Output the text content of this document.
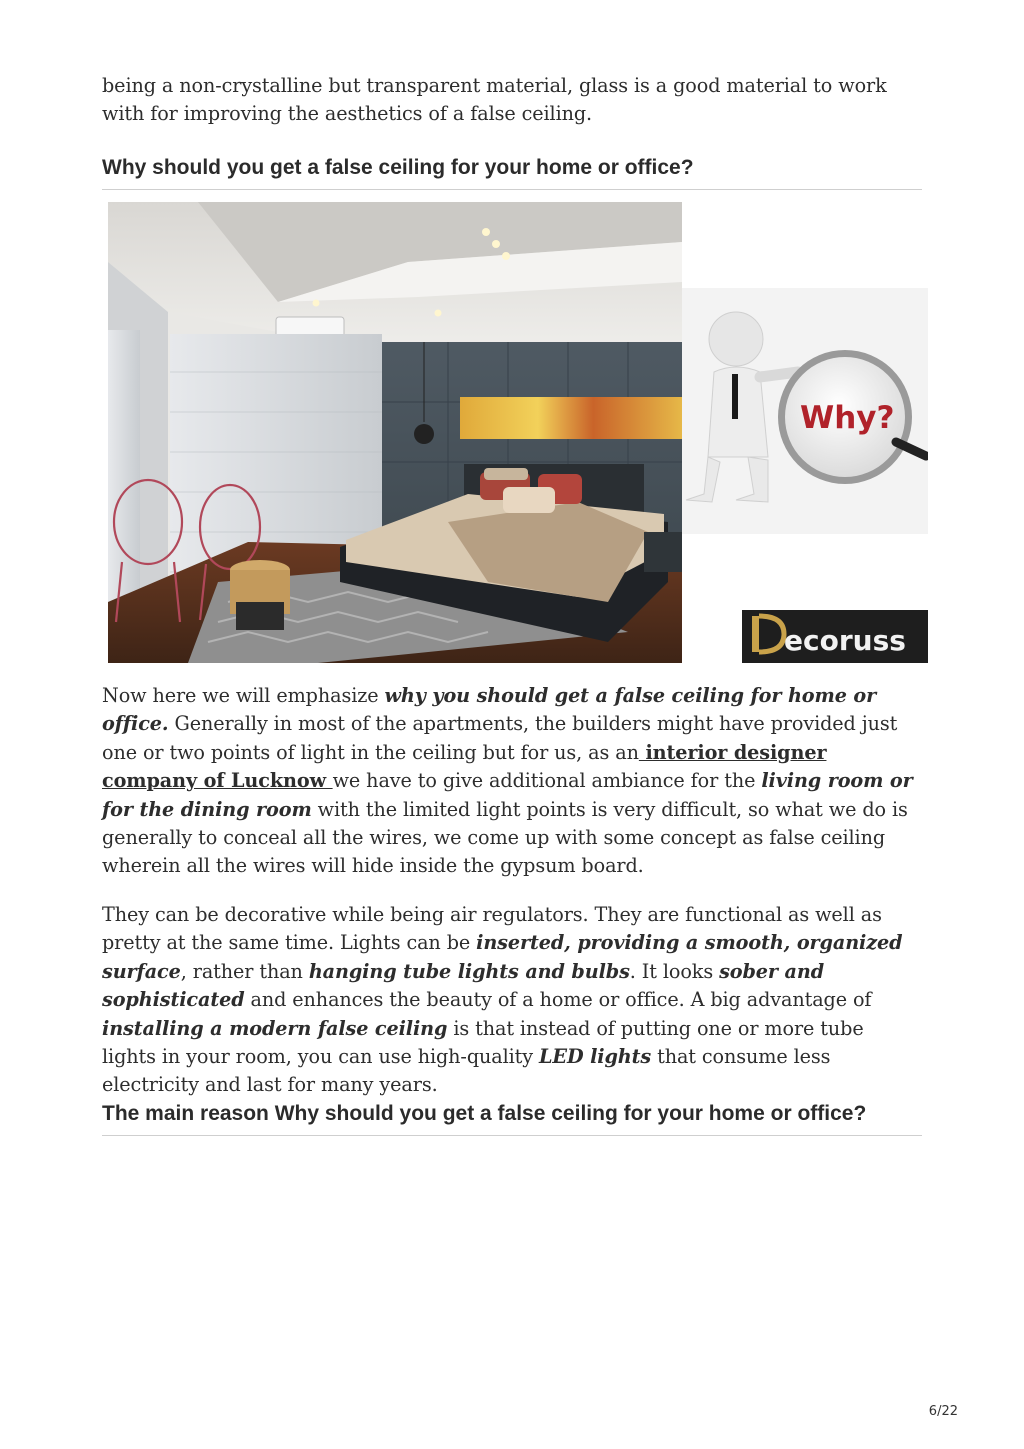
being a non-crystalline but transparent material, glass is a good material to work with for improving the aesthetics of a false ceiling.

Why should you get a false ceiling for your home or office?
Why?
ecoruss

Now here we will emphasize why you should get a false ceiling for home or office. Generally in most of the apartments, the builders might have provided just one or two points of light in the ceiling but for us, as an interior designer company of Lucknow we have to give additional ambiance for the living room or for the dining room with the limited light points is very difficult, so what we do is generally to conceal all the wires, we come up with some concept as false ceiling wherein all the wires will hide inside the gypsum board.

They can be decorative while being air regulators. They are functional as well as pretty at the same time. Lights can be inserted, providing a smooth, organized surface, rather than hanging tube lights and bulbs. It looks sober and sophisticated and enhances the beauty of a home or office. A big advantage of installing a modern false ceiling is that instead of putting one or more tube lights in your room, you can use high-quality LED lights that consume less electricity and last for many years.

The main reason Why should you get a false ceiling for your home or office?
6/22
